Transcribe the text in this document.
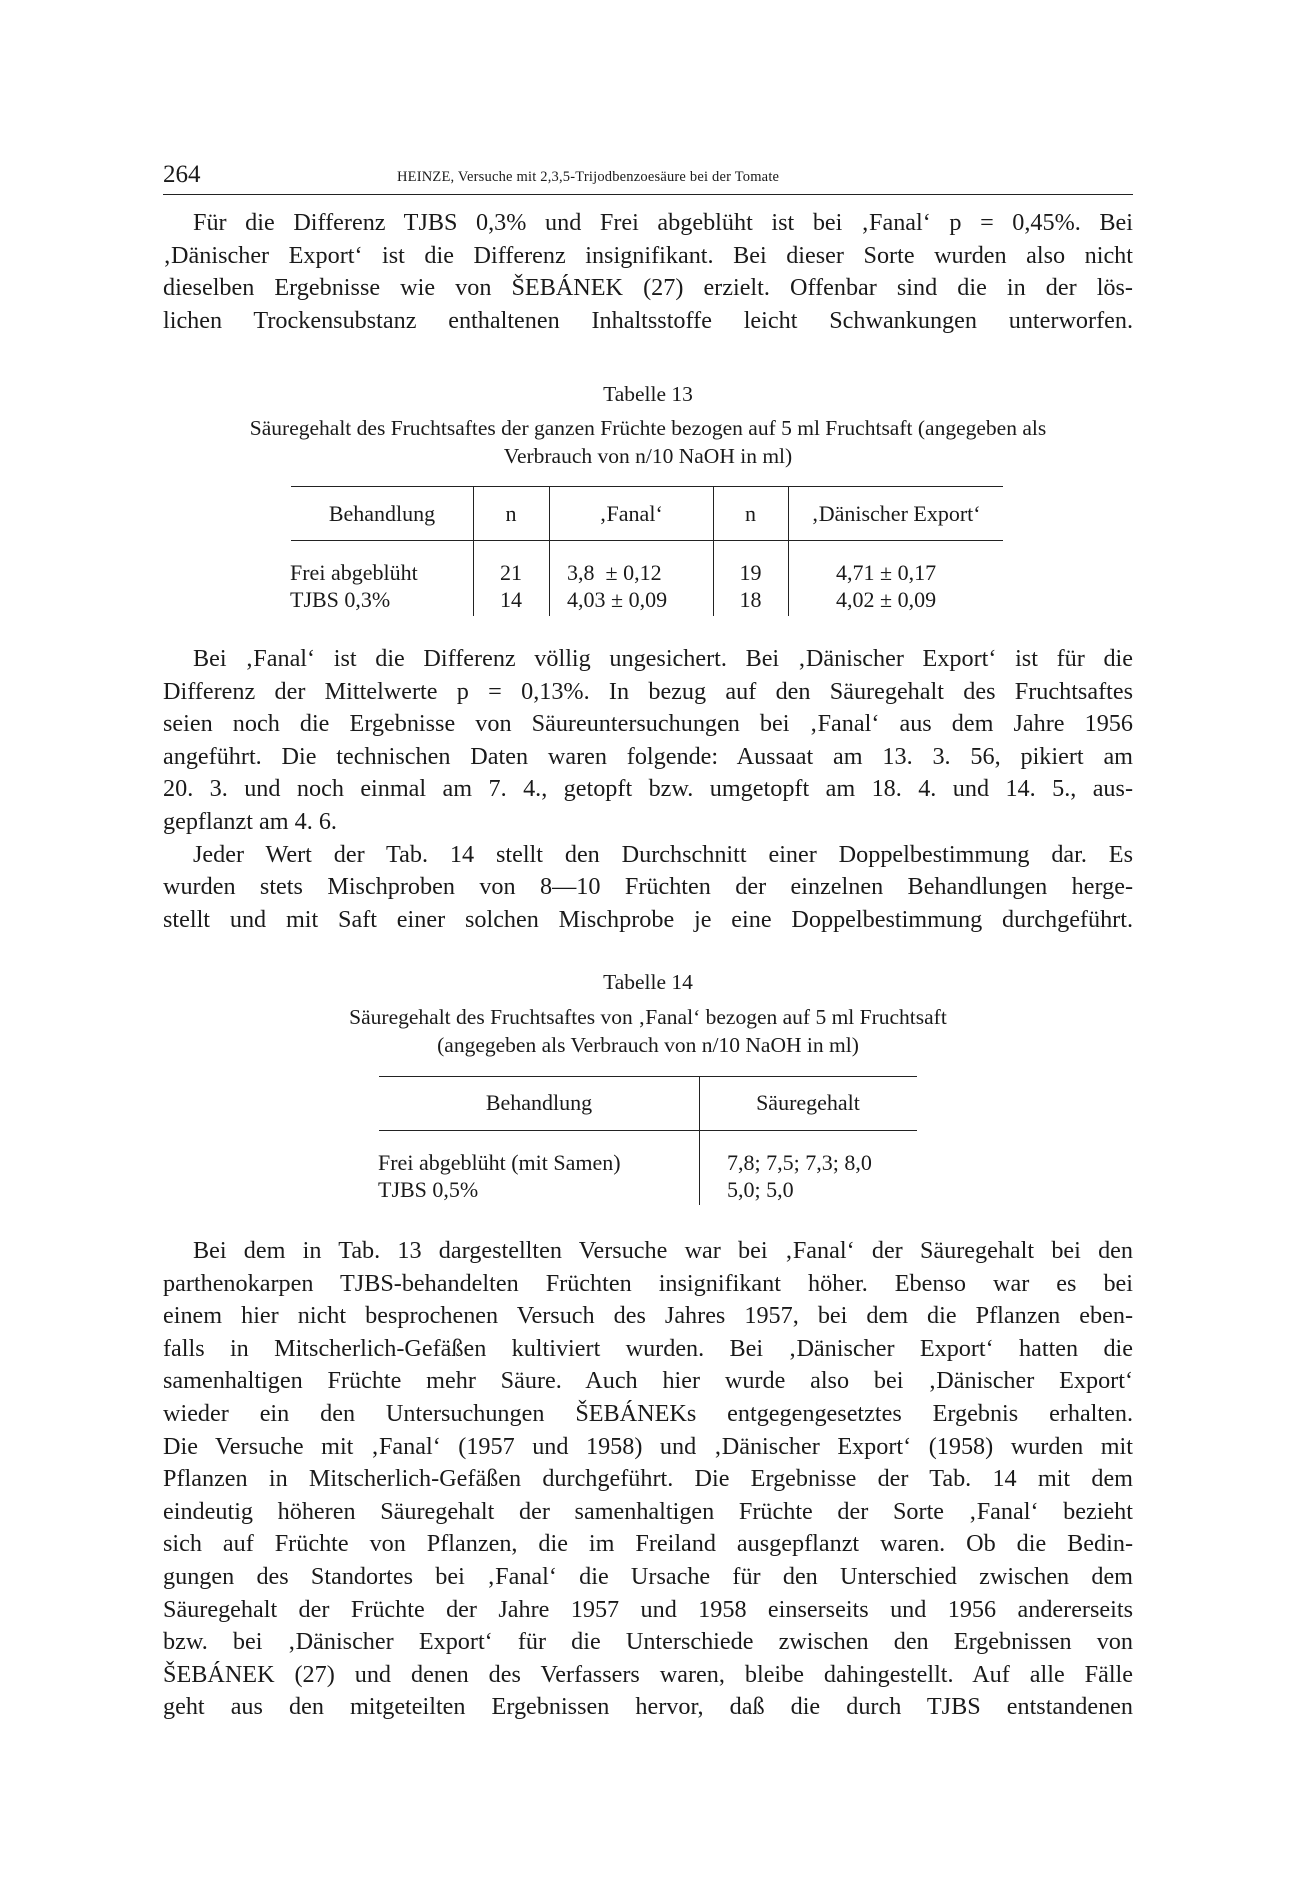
264	HEINZE, Versuche mit 2,3,5-Trijodbenzoesäure bei der Tomate

Für die Differenz TJBS 0,3% und Frei abgeblüht ist bei ‚Fanal‘ p = 0,45%. Bei
‚Dänischer Export‘ ist die Differenz insignifikant. Bei dieser Sorte wurden also nicht
dieselben Ergebnisse wie von ŠEBÁNEK (27) erzielt. Offenbar sind die in der lös-
lichen Trockensubstanz enthaltenen Inhaltsstoffe leicht Schwankungen unterworfen.

Tabelle 13
Säuregehalt des Fruchtsaftes der ganzen Früchte bezogen auf 5 ml Fruchtsaft (angegeben als
Verbrauch von n/10 NaOH in ml)
Behandlung	n	‚Fanal‘	n	‚Dänischer Export‘
Frei abgeblüht	21	3,8  ± 0,12	19	4,71 ± 0,17
TJBS 0,3%	14	4,03 ± 0,09	18	4,02 ± 0,09

Bei ‚Fanal‘ ist die Differenz völlig ungesichert. Bei ‚Dänischer Export‘ ist für die
Differenz der Mittelwerte p = 0,13%. In bezug auf den Säuregehalt des Fruchtsaftes
seien noch die Ergebnisse von Säureuntersuchungen bei ‚Fanal‘ aus dem Jahre 1956
angeführt. Die technischen Daten waren folgende: Aussaat am 13. 3. 56, pikiert am
20. 3. und noch einmal am 7. 4., getopft bzw. umgetopft am 18. 4. und 14. 5., aus-
gepflanzt am 4. 6.
Jeder Wert der Tab. 14 stellt den Durchschnitt einer Doppelbestimmung dar. Es
wurden stets Mischproben von 8—10 Früchten der einzelnen Behandlungen herge-
stellt und mit Saft einer solchen Mischprobe je eine Doppelbestimmung durchgeführt.

Tabelle 14
Säuregehalt des Fruchtsaftes von ‚Fanal‘ bezogen auf 5 ml Fruchtsaft
(angegeben als Verbrauch von n/10 NaOH in ml)
Behandlung	Säuregehalt
Frei abgeblüht (mit Samen)	7,8; 7,5; 7,3; 8,0
TJBS 0,5%	5,0; 5,0

Bei dem in Tab. 13 dargestellten Versuche war bei ‚Fanal‘ der Säuregehalt bei den
parthenokarpen TJBS-behandelten Früchten insignifikant höher. Ebenso war es bei
einem hier nicht besprochenen Versuch des Jahres 1957, bei dem die Pflanzen eben-
falls in Mitscherlich-Gefäßen kultiviert wurden. Bei ‚Dänischer Export‘ hatten die
samenhaltigen Früchte mehr Säure. Auch hier wurde also bei ‚Dänischer Export‘
wieder ein den Untersuchungen ŠEBÁNEKs entgegengesetztes Ergebnis erhalten.
Die Versuche mit ‚Fanal‘ (1957 und 1958) und ‚Dänischer Export‘ (1958) wurden mit
Pflanzen in Mitscherlich-Gefäßen durchgeführt. Die Ergebnisse der Tab. 14 mit dem
eindeutig höheren Säuregehalt der samenhaltigen Früchte der Sorte ‚Fanal‘ bezieht
sich auf Früchte von Pflanzen, die im Freiland ausgepflanzt waren. Ob die Bedin-
gungen des Standortes bei ‚Fanal‘ die Ursache für den Unterschied zwischen dem
Säuregehalt der Früchte der Jahre 1957 und 1958 einserseits und 1956 andererseits
bzw. bei ‚Dänischer Export‘ für die Unterschiede zwischen den Ergebnissen von
ŠEBÁNEK (27) und denen des Verfassers waren, bleibe dahingestellt. Auf alle Fälle
geht aus den mitgeteilten Ergebnissen hervor, daß die durch TJBS entstandenen
